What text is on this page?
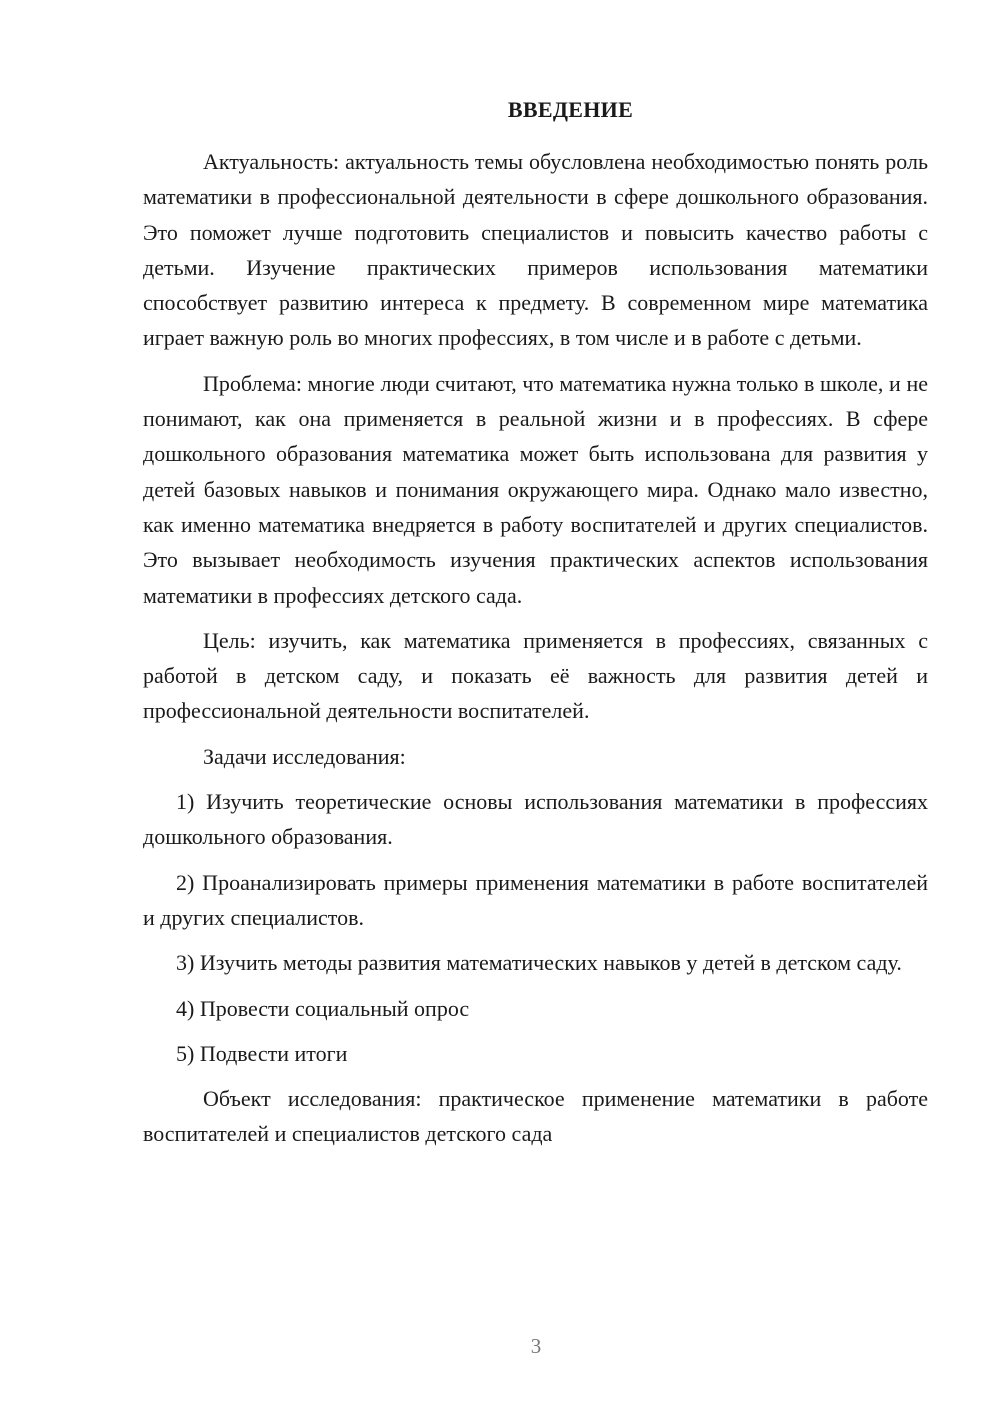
ВВЕДЕНИЕ

Актуальность: актуальность темы обусловлена необходимостью понять роль математики в профессиональной деятельности в сфере дошкольного образования. Это поможет лучше подготовить специалистов и повысить качество работы с детьми. Изучение практических примеров использования математики способствует развитию интереса к предмету. В современном мире математика играет важную роль во многих профессиях, в том числе и в работе с детьми.

Проблема: многие люди считают, что математика нужна только в школе, и не понимают, как она применяется в реальной жизни и в профессиях. В сфере дошкольного образования математика может быть использована для развития у детей базовых навыков и понимания окружающего мира. Однако мало известно, как именно математика внедряется в работу воспитателей и других специалистов. Это вызывает необходимость изучения практических аспектов использования математики в профессиях детского сада.

Цель: изучить, как математика применяется в профессиях, связанных с работой в детском саду, и показать её важность для развития детей и профессиональной деятельности воспитателей.

Задачи исследования:

1) Изучить теоретические основы использования математики в профессиях дошкольного образования.

2) Проанализировать примеры применения математики в работе воспитателей и других специалистов.

3) Изучить методы развития математических навыков у детей в детском саду.

4) Провести социальный опрос

5) Подвести итоги

Объект исследования: практическое применение математики в работе воспитателей и специалистов детского сада

3
